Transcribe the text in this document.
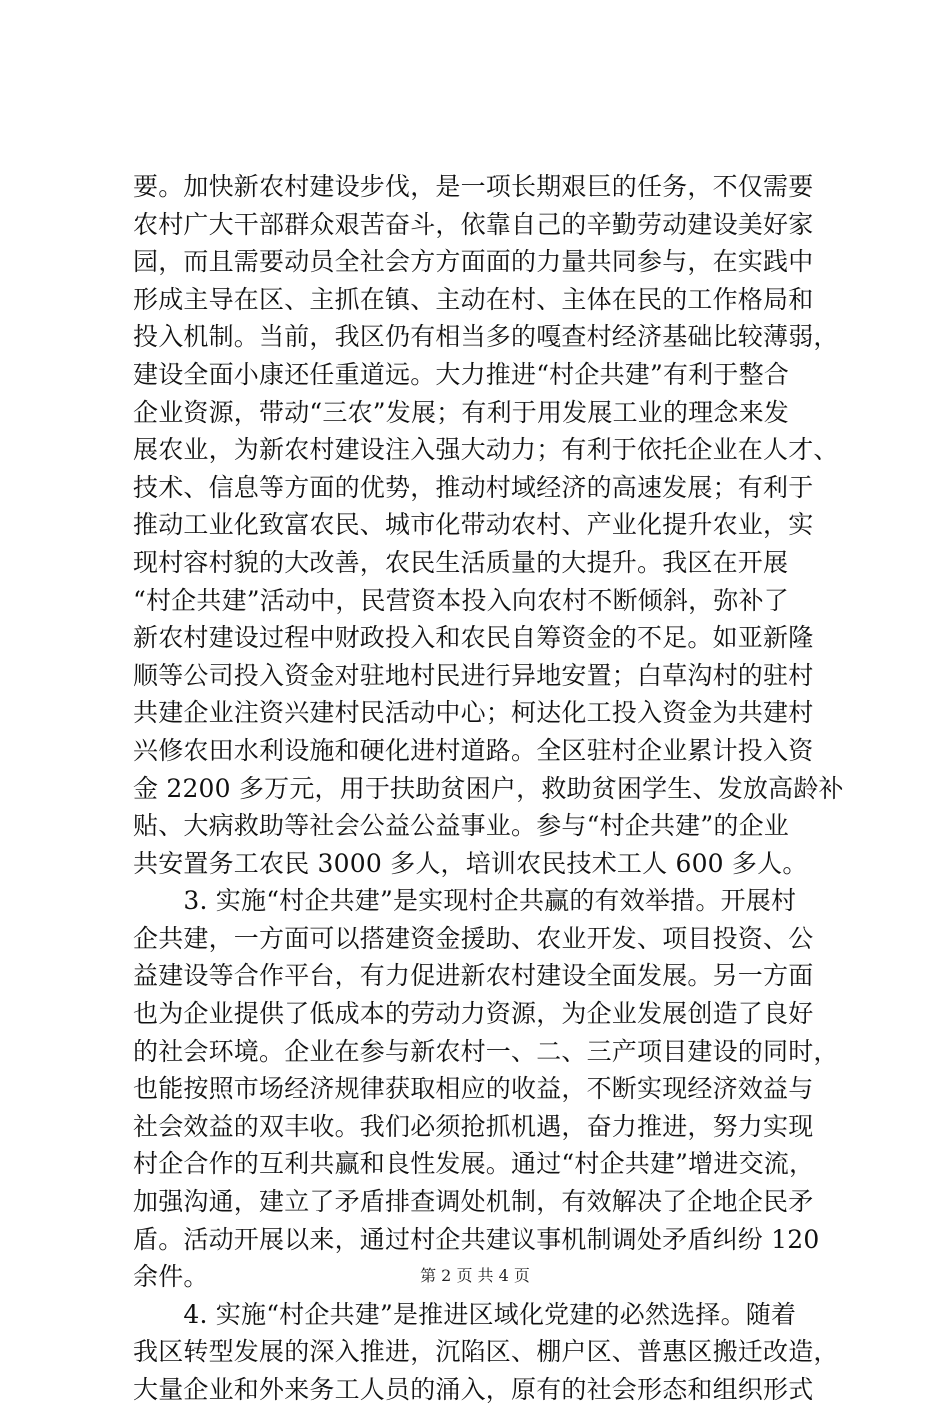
要。加快新农村建设步伐，是一项长期艰巨的任务，不仅需要
农村广大干部群众艰苦奋斗，依靠自己的辛勤劳动建设美好家
园，而且需要动员全社会方方面面的力量共同参与，在实践中
形成主导在区、主抓在镇、主动在村、主体在民的工作格局和
投入机制。当前，我区仍有相当多的嘎查村经济基础比较薄弱，
建设全面小康还任重道远。大力推进“村企共建”有利于整合
企业资源，带动“三农”发展；有利于用发展工业的理念来发
展农业，为新农村建设注入强大动力；有利于依托企业在人才、
技术、信息等方面的优势，推动村域经济的高速发展；有利于
推动工业化致富农民、城市化带动农村、产业化提升农业，实
现村容村貌的大改善，农民生活质量的大提升。我区在开展
“村企共建”活动中，民营资本投入向农村不断倾斜，弥补了
新农村建设过程中财政投入和农民自筹资金的不足。如亚新隆
顺等公司投入资金对驻地村民进行异地安置；白草沟村的驻村
共建企业注资兴建村民活动中心；柯达化工投入资金为共建村
兴修农田水利设施和硬化进村道路。全区驻村企业累计投入资
金 2200 多万元，用于扶助贫困户，救助贫困学生、发放高龄补
贴、大病救助等社会公益公益事业。参与“村企共建”的企业
共安置务工农民 3000 多人，培训农民技术工人 600 多人。
　　3. 实施“村企共建”是实现村企共赢的有效举措。开展村
企共建，一方面可以搭建资金援助、农业开发、项目投资、公
益建设等合作平台，有力促进新农村建设全面发展。另一方面
也为企业提供了低成本的劳动力资源，为企业发展创造了良好
的社会环境。企业在参与新农村一、二、三产项目建设的同时，
也能按照市场经济规律获取相应的收益，不断实现经济效益与
社会效益的双丰收。我们必须抢抓机遇，奋力推进，努力实现
村企合作的互利共赢和良性发展。通过“村企共建”增进交流，
加强沟通，建立了矛盾排查调处机制，有效解决了企地企民矛
盾。活动开展以来，通过村企共建议事机制调处矛盾纠纷 120
余件。
　　4. 实施“村企共建”是推进区域化党建的必然选择。随着
我区转型发展的深入推进，沉陷区、棚户区、普惠区搬迁改造，
大量企业和外来务工人员的涌入，原有的社会形态和组织形式
第 2 页 共 4 页
